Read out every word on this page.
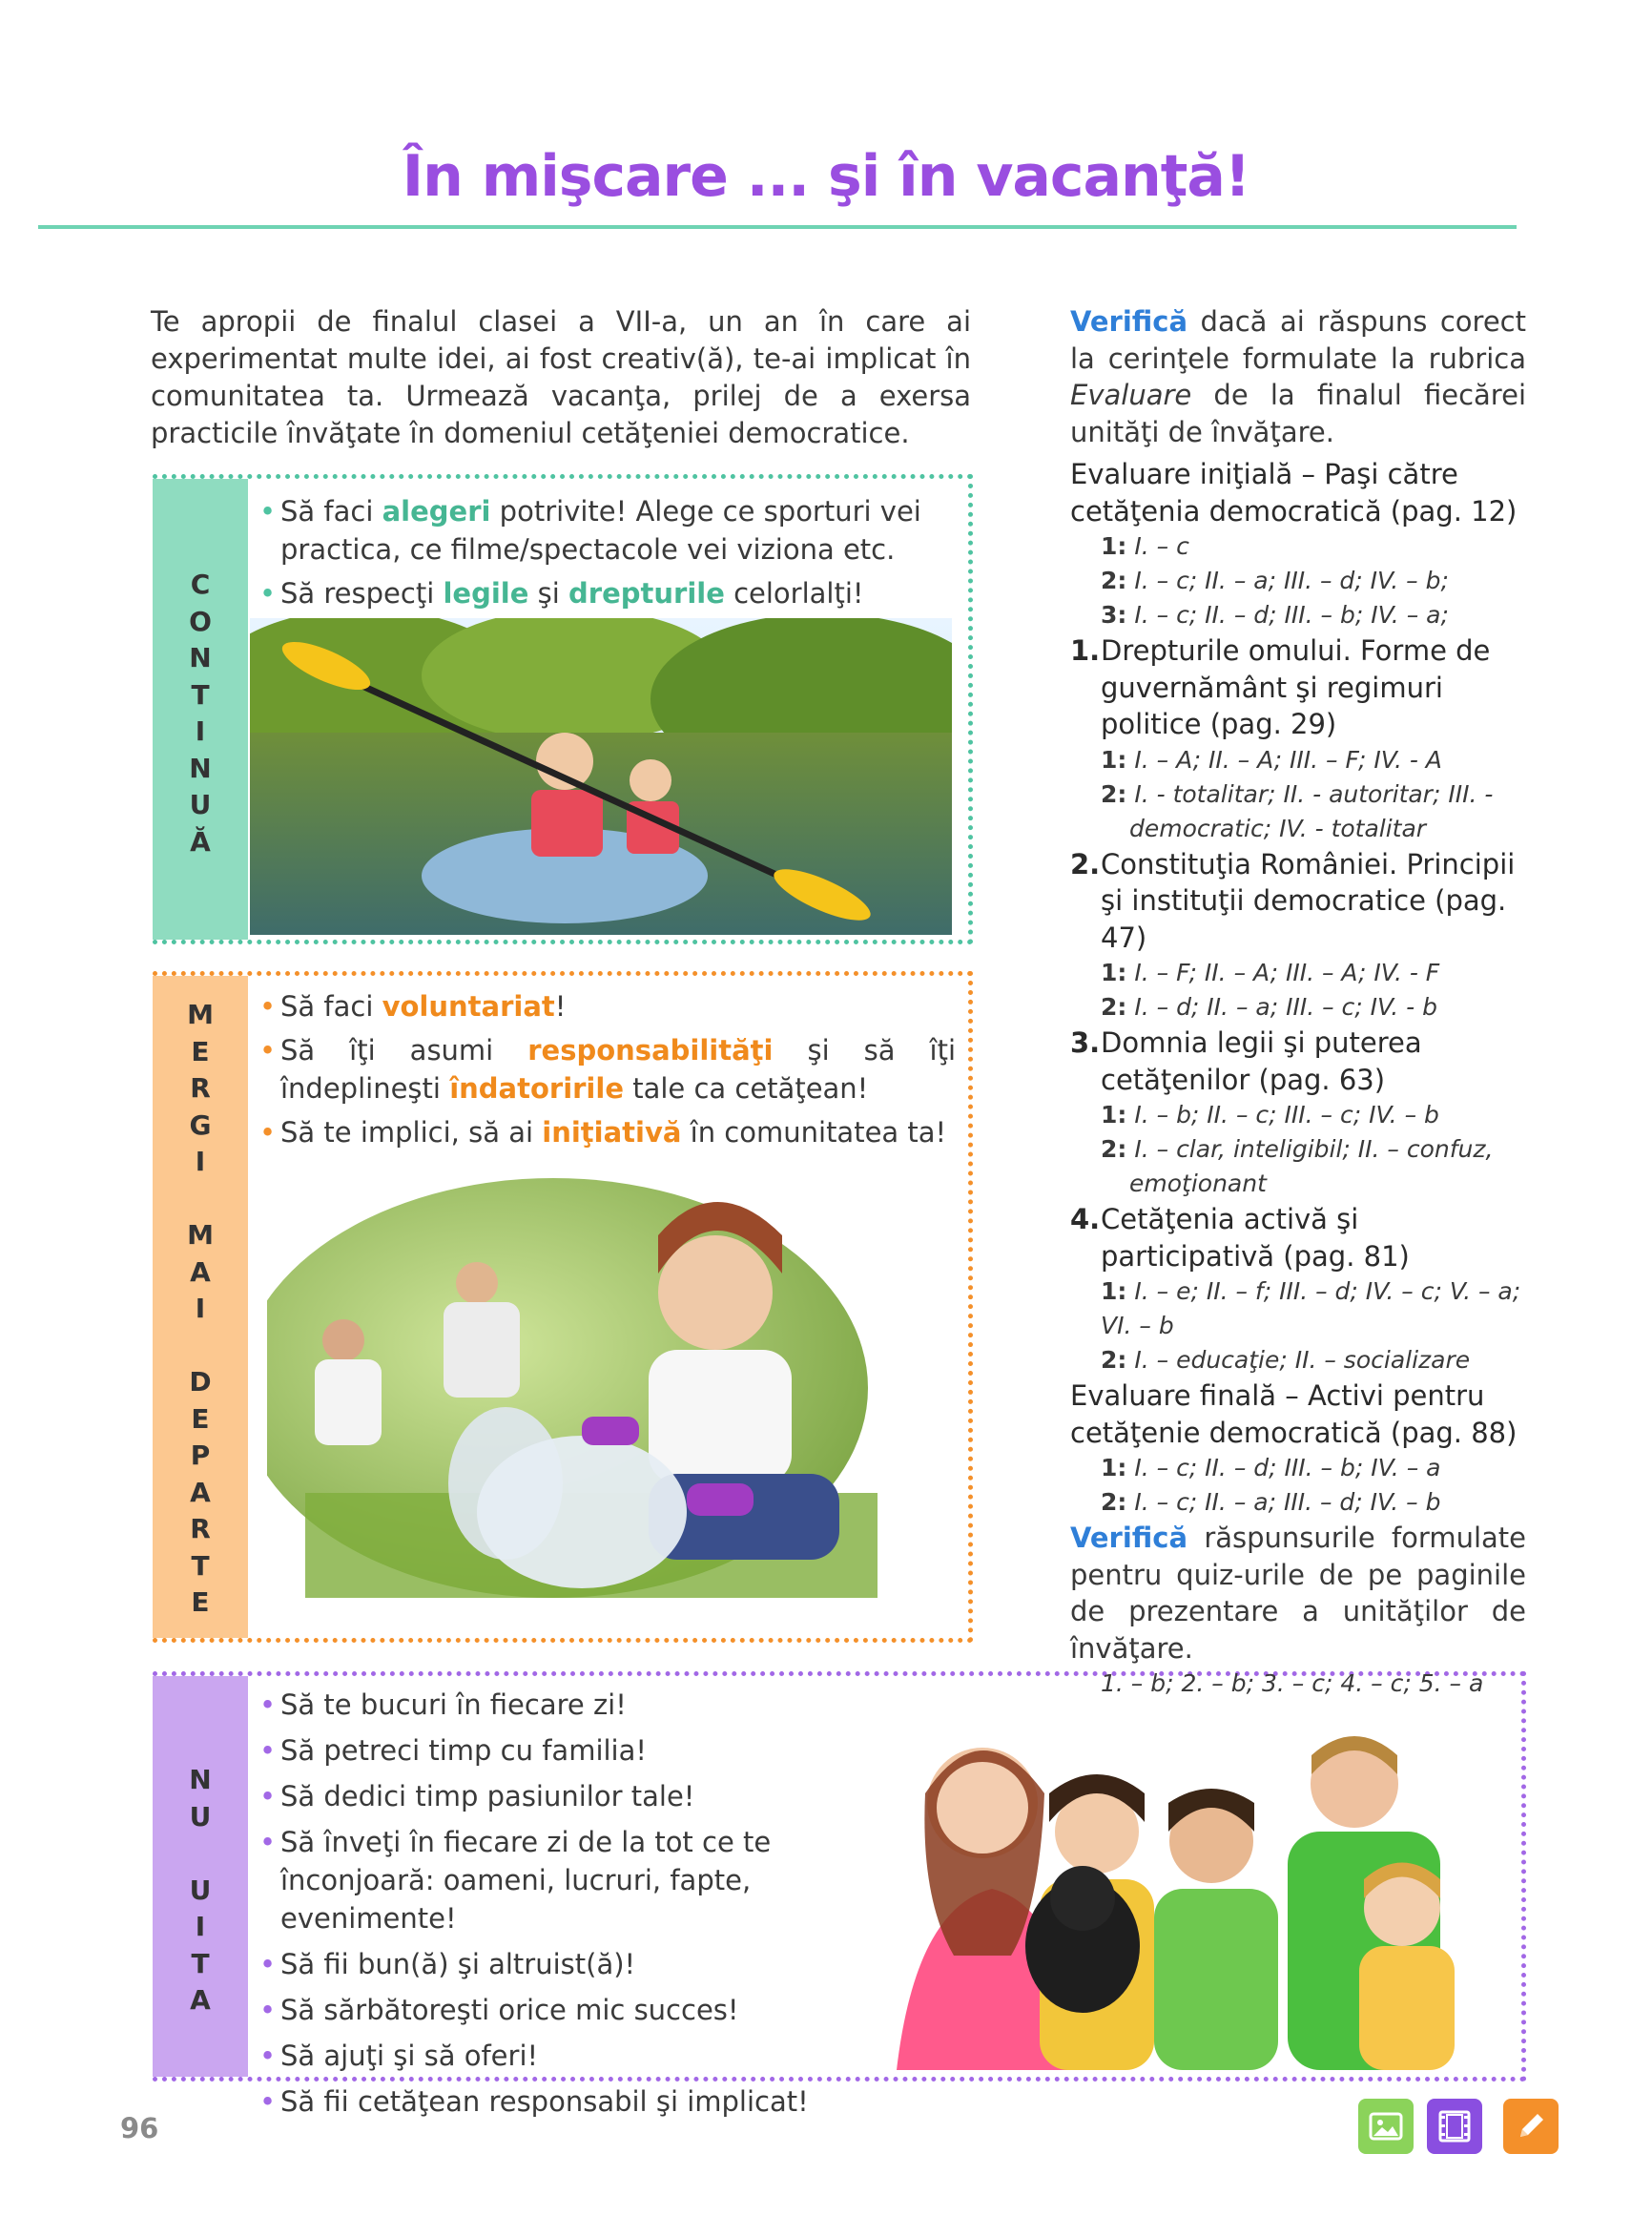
În mişcare ... şi în vacanţă!

Te apropii de finalul clasei a VII-a, un an în care ai experimentat multe idei, ai fost creativ(ă), te-ai implicat în comunitatea ta. Urmează vacanţa, prilej de a exersa practicile învăţate în domeniul cetăţeniei democratice.

C
O
N
T
I
N
U
Ă
• Să faci alegeri potrivite! Alege ce sporturi vei practica, ce filme/spectacole vei viziona etc.
• Să respecţi legile şi drepturile celorlalţi!
M
E
R
G
I
M
A
I
D
E
P
A
R
T
E
• Să faci voluntariat!
• Să îţi asumi responsabilităţi şi să îţi îndeplineşti îndatoririle tale ca cetăţean!
• Să te implici, să ai iniţiativă în comunitatea ta!
N
U
U
I
T
A
• Să te bucuri în fiecare zi!
• Să petreci timp cu familia!
• Să dedici timp pasiunilor tale!
• Să înveţi în fiecare zi de la tot ce te înconjoară: oameni, lucruri, fapte, evenimente!
• Să fii bun(ă) şi altruist(ă)!
• Să sărbătoreşti orice mic succes!
• Să ajuţi şi să oferi!
• Să fii cetăţean responsabil şi implicat!

Verifică dacă ai răspuns corect la cerinţele formulate la rubrica Evaluare de la finalul fiecărei unităţi de învăţare.

Evaluare iniţială – Paşi către cetăţenia democratică (pag. 12)
1: I. – c
2: I. – c; II. – a; III. – d; IV. – b;
3: I. – c; II. – d; III. – b; IV. – a;
1.Drepturile omului. Forme de guvernământ şi regimuri politice (pag. 29)
1: I. – A; II. – A; III. – F; IV. - A
2: I. - totalitar; II. - autoritar; III. - democratic; IV. - totalitar
2.Constituţia României. Principii şi instituţii democratice (pag. 47)
1: I. – F; II. – A; III. – A; IV. - F
2: I. – d; II. – a; III. – c; IV. - b
3.Domnia legii şi puterea cetăţenilor (pag. 63)
1: I. – b; II. – c; III. – c; IV. – b
2: I. – clar, inteligibil; II. – confuz, emoţionant
4.Cetăţenia activă şi participativă (pag. 81)
1: I. – e; II. – f; III. – d; IV. – c; V. – a; VI. – b
2: I. – educaţie; II. – socializare
Evaluare finală – Activi pentru cetăţenie democratică (pag. 88)
1: I. – c; II. – d; III. – b; IV. – a
2: I. – c; II. – a; III. – d; IV. – b

Verifică răspunsurile formulate pentru quiz-urile de pe paginile de prezentare a unităţilor de învăţare.

1. – b; 2. – b; 3. – c; 4. – c; 5. – a
96
